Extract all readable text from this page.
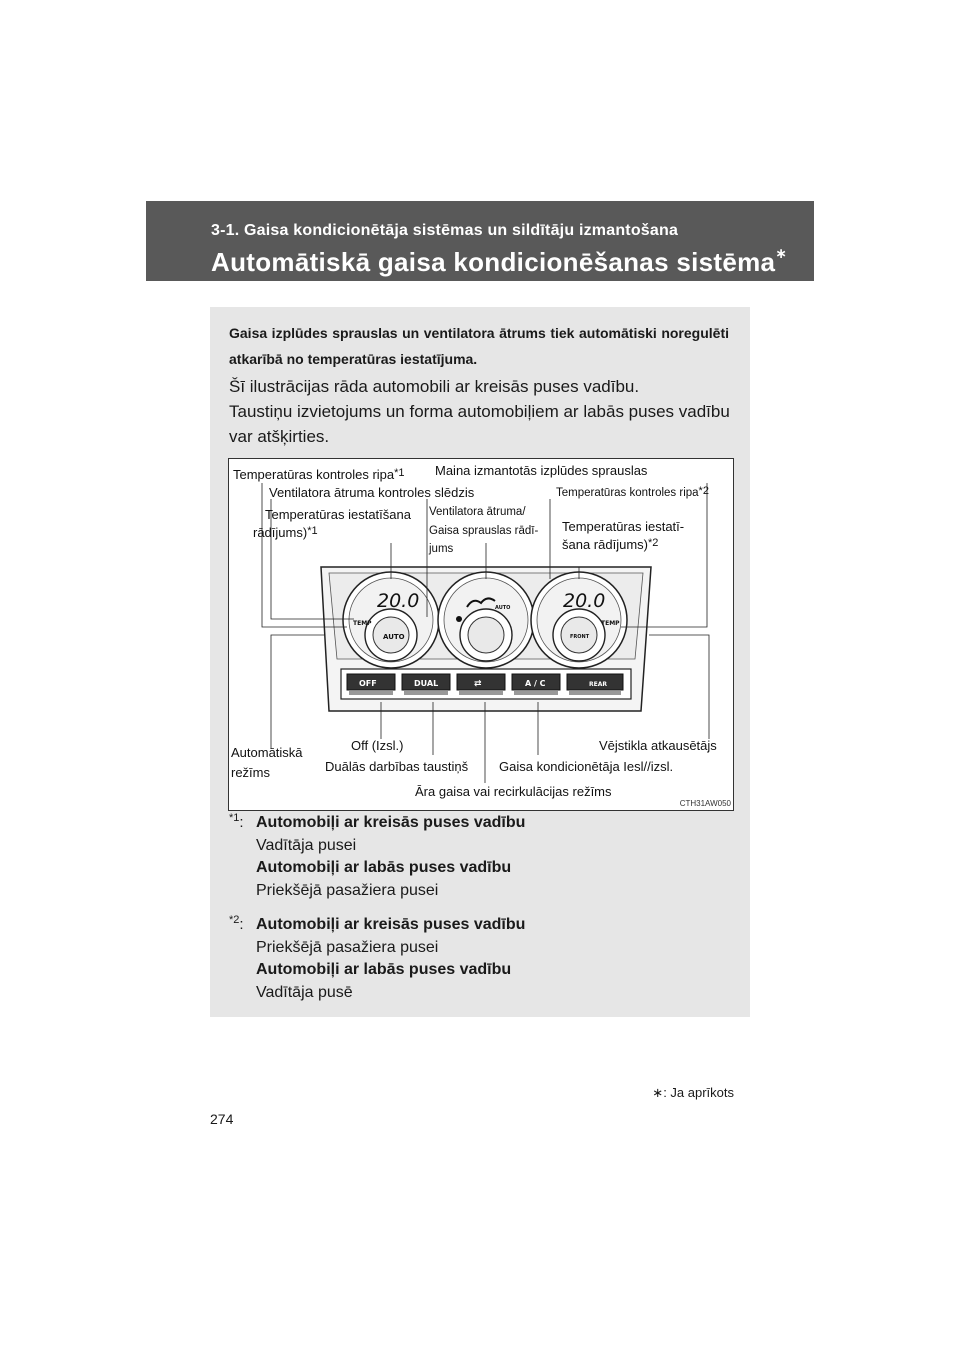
3-1. Gaisa kondicionētāja sistēmas un sildītāju izmantošana
Automātiskā gaisa kondicionēšanas sistēma∗
Gaisa izplūdes sprauslas un ventilatora ātrums tiek automātiski noregulēti atkarībā no temperatūras iestatījuma.
Šī ilustrācijas rāda automobili ar kreisās puses vadību.
Taustiņu izvietojums un forma automobiļiem ar labās puses vadību
var atšķirties.
20.0
TEMP
AUTO
AUTO	20.0
TEMP
FRONT
OFF	DUAL	⇄	A / C	REAR
Temperatūras kontroles ripa$^{*1}$ Maina izmantotās izplūdes sprauslas
Ventilatora ātruma kontroles slēdzis	Temperatūras kontroles ripa$^{*2}$
Temperatūras iestatīšana
rādījums)$^{*1}$
Ventilatora ātruma/
Gaisa sprauslas rādī-
jums
Temperatūras iestatī-
šana rādījums)$^{*2}$
Automātiskā
režīms
Off (Izsl.)
Duālās darbības taustiņš
Āra gaisa vai recirkulācijas režīms
Gaisa kondicionētāja Iesl//izsl.
Vējstikla atkausētājs
CTH31AW050
$^{*1}$: Automobiļi ar kreisās puses vadību
Vadītāja pusei
Automobiļi ar labās puses vadību
Priekšējā pasažiera pusei
$^{*2}$: Automobiļi ar kreisās puses vadību
Priekšējā pasažiera pusei
Automobiļi ar labās puses vadību
Vadītāja pusē
∗: Ja aprīkots
274
